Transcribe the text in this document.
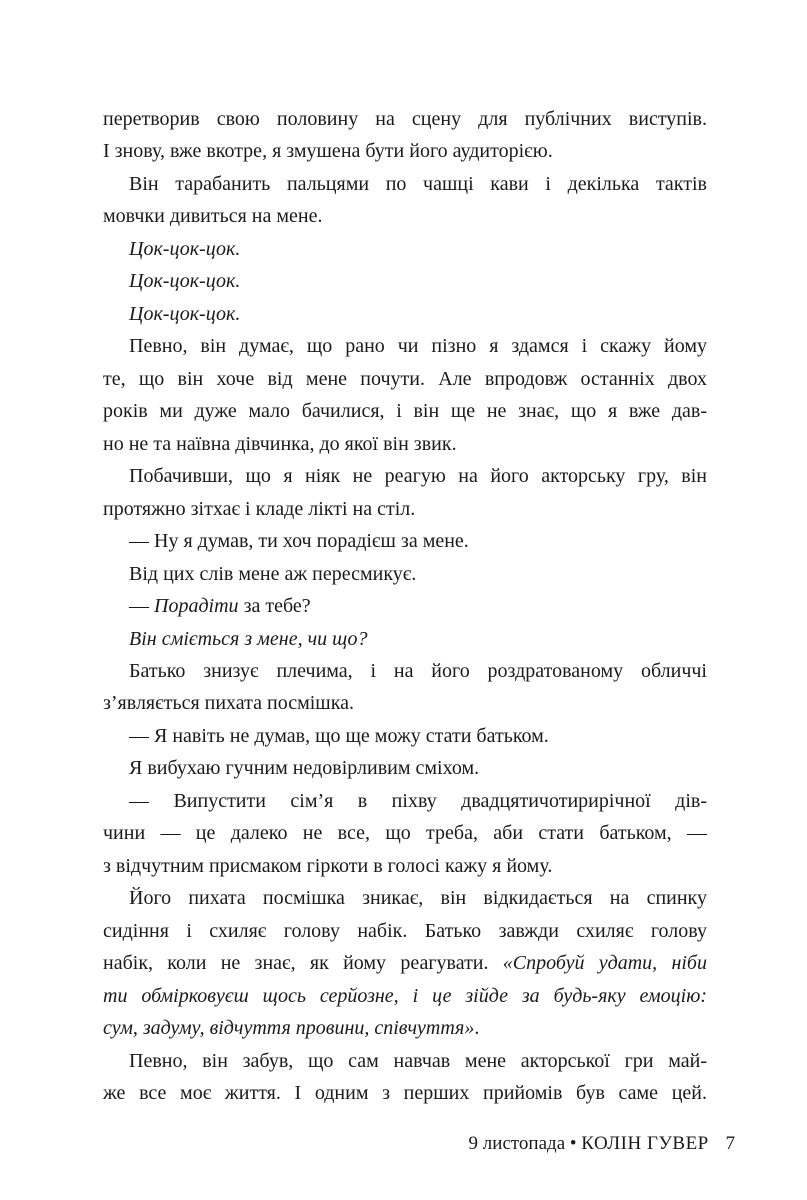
перетворив свою половину на сцену для публічних виступів.
І знову, вже вкотре, я змушена бути його аудиторією.
Він тарабанить пальцями по чашці кави і декілька тактів
мовчки дивиться на мене.
Цок-цок-цок.
Цок-цок-цок.
Цок-цок-цок.
Певно, він думає, що рано чи пізно я здамся і скажу йому
те, що він хоче від мене почути. Але впродовж останніх двох
років ми дуже мало бачилися, і він ще не знає, що я вже дав-
но не та наївна дівчинка, до якої він звик.
Побачивши, що я ніяк не реагую на його акторську гру, він
протяжно зітхає і кладе лікті на стіл.
— Ну я думав, ти хоч порадієш за мене.
Від цих слів мене аж пересмикує.
— Порадіти за тебе?
Він сміється з мене, чи що?
Батько знизує плечима, і на його роздратованому обличчі
з’являється пихата посмішка.
— Я навіть не думав, що ще можу стати батьком.
Я вибухаю гучним недовірливим сміхом.
— Випустити сім’я в піхву двадцятичотирирічної дів-
чини — це далеко не все, що треба, аби стати батьком, —
з відчутним присмаком гіркоти в голосі кажу я йому.
Його пихата посмішка зникає, він відкидається на спинку
сидіння і схиляє голову набік. Батько завжди схиляє голову
набік, коли не знає, як йому реагувати. «Спробуй удати, ніби
ти обмірковуєш щось серйозне, і це зійде за будь-яку емоцію:
сум, задуму, відчуття провини, співчуття».
Певно, він забув, що сам навчав мене акторської гри май-
же все моє життя. І одним з перших прийомів був саме цей.
9 листопада • КОЛІН ГУВЕР 7
